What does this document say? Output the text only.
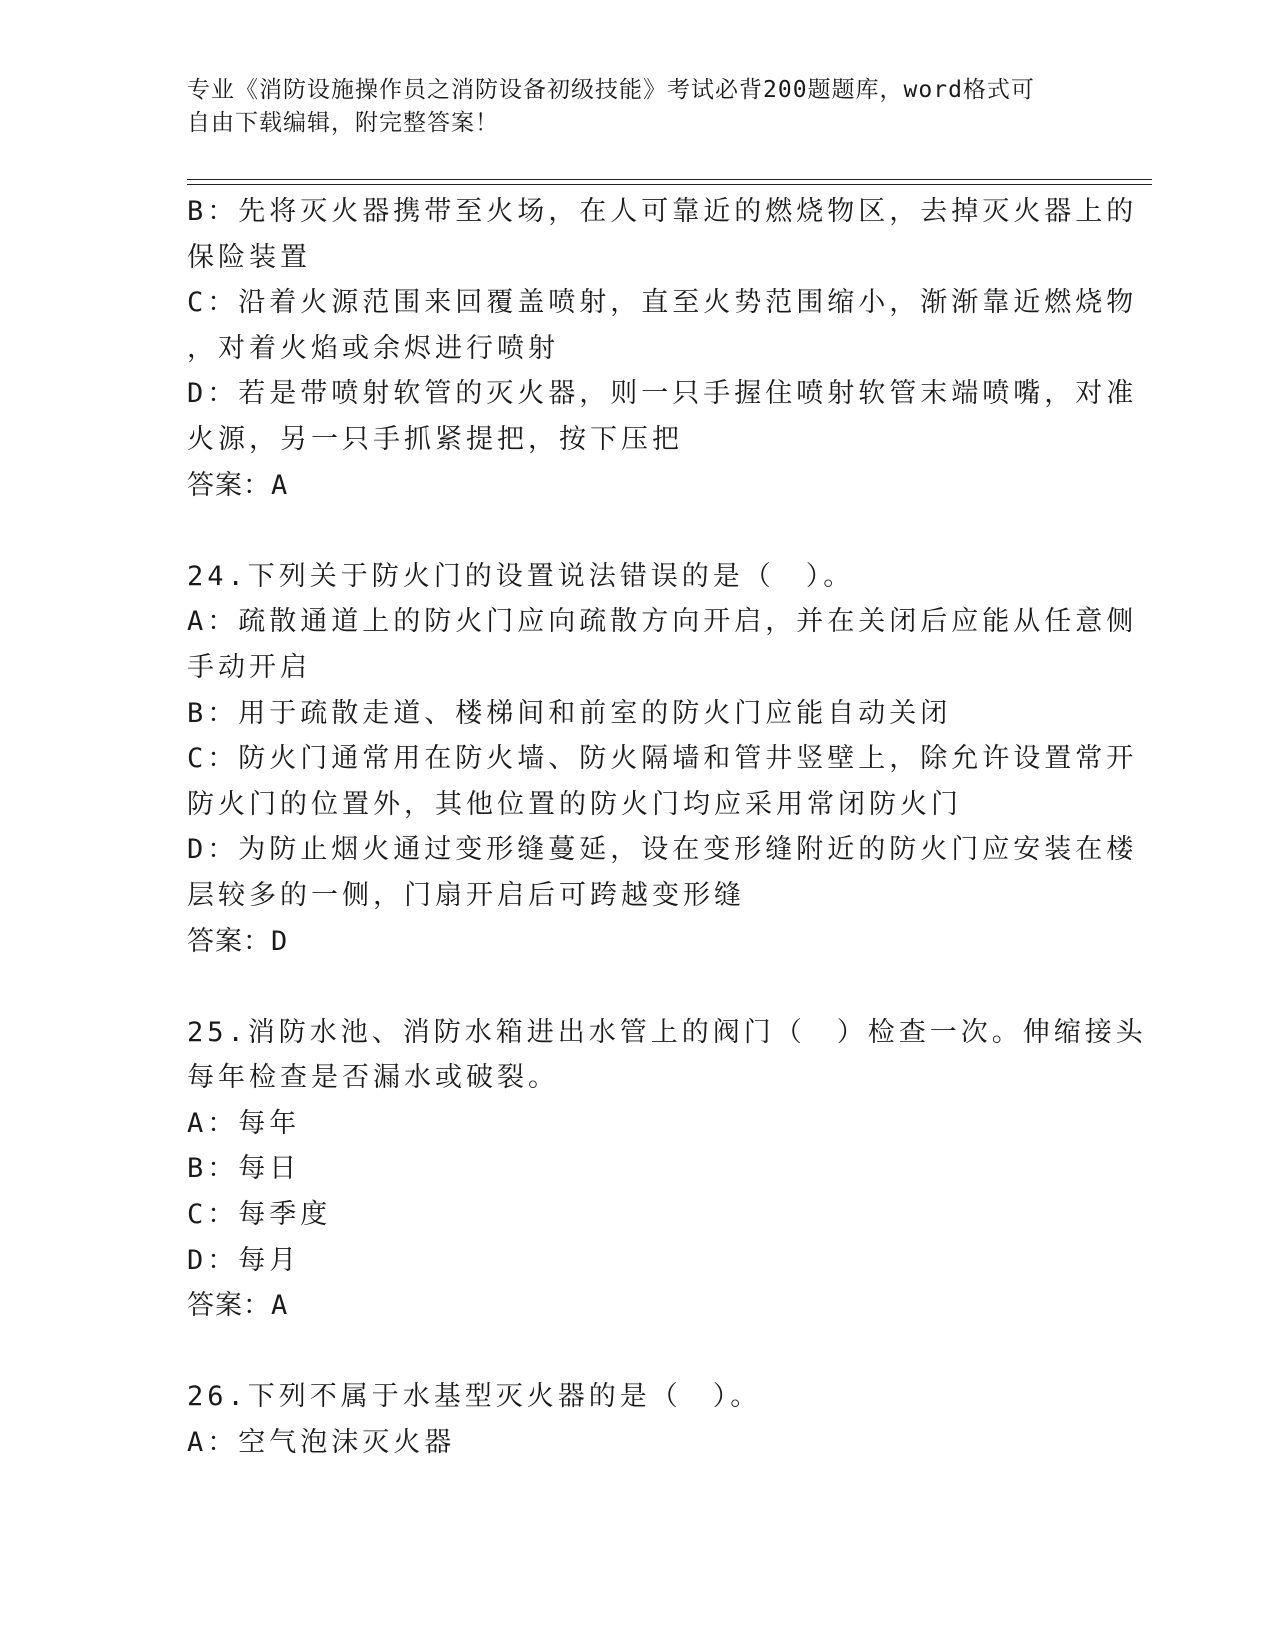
专业《消防设施操作员之消防设备初级技能》考试必背200题题库，word格式可
自由下载编辑，附完整答案！
B：先将灭火器携带至火场，在人可靠近的燃烧物区，去掉灭火器上的
保险装置
C：沿着火源范围来回覆盖喷射，直至火势范围缩小，渐渐靠近燃烧物
，对着火焰或余烬进行喷射
D：若是带喷射软管的灭火器，则一只手握住喷射软管末端喷嘴，对准
火源，另一只手抓紧提把，按下压把
答案：A
24.下列关于防火门的设置说法错误的是（　）。
A：疏散通道上的防火门应向疏散方向开启，并在关闭后应能从任意侧
手动开启
B：用于疏散走道、楼梯间和前室的防火门应能自动关闭
C：防火门通常用在防火墙、防火隔墙和管井竖壁上，除允许设置常开
防火门的位置外，其他位置的防火门均应采用常闭防火门
D：为防止烟火通过变形缝蔓延，设在变形缝附近的防火门应安装在楼
层较多的一侧，门扇开启后可跨越变形缝
答案：D
25.消防水池、消防水箱进出水管上的阀门（　）检查一次。伸缩接头
每年检查是否漏水或破裂。
A：每年
B：每日
C：每季度
D：每月
答案：A
26.下列不属于水基型灭火器的是（　）。
A：空气泡沫灭火器
